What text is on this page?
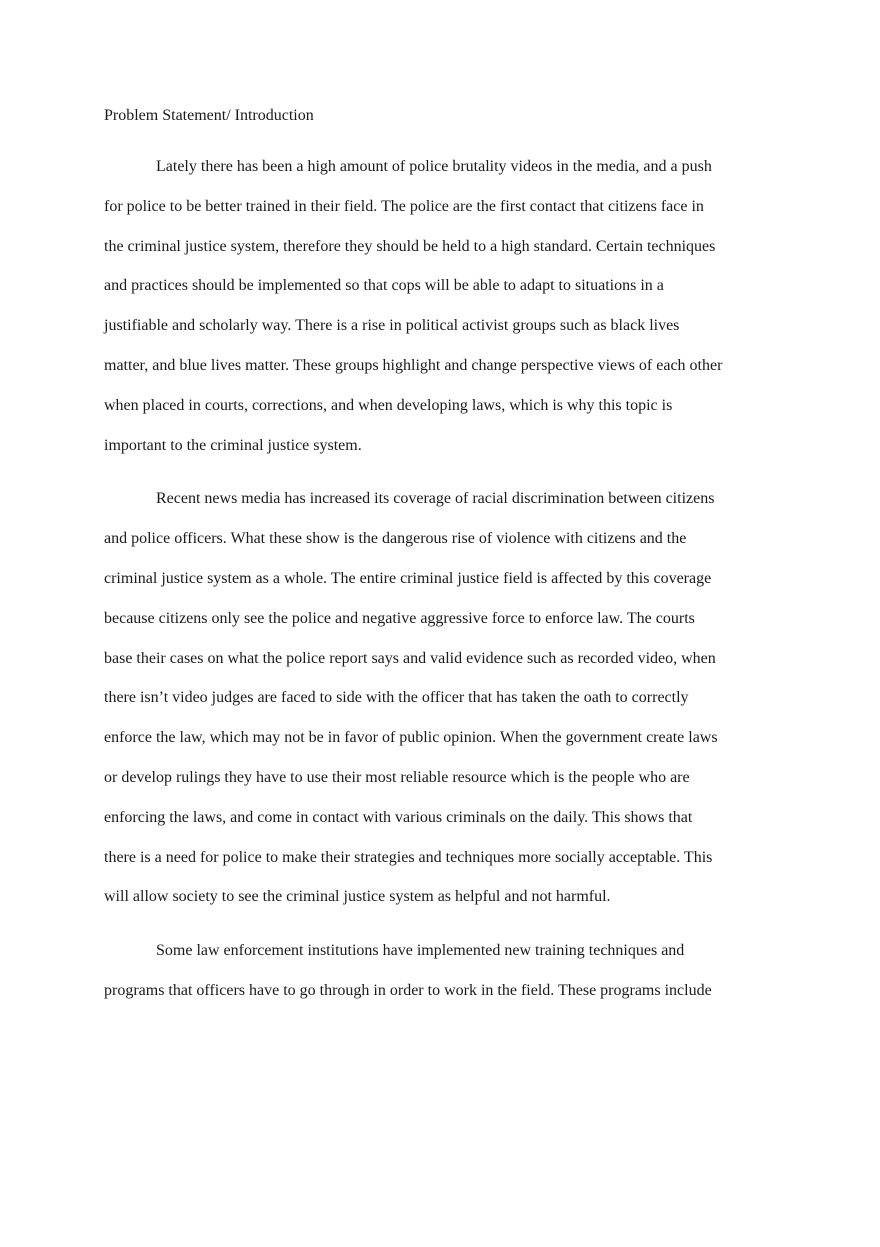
Problem Statement/ Introduction
Lately there has been a high amount of police brutality videos in the media, and a push
for police to be better trained in their field. The police are the first contact that citizens face in
the criminal justice system, therefore they should be held to a high standard. Certain techniques
and practices should be implemented so that cops will be able to adapt to situations in a
justifiable and scholarly way. There is a rise in political activist groups such as black lives
matter, and blue lives matter. These groups highlight and change perspective views of each other
when placed in courts, corrections, and when developing laws, which is why this topic is
important to the criminal justice system.
Recent news media has increased its coverage of racial discrimination between citizens
and police officers. What these show is the dangerous rise of violence with citizens and the
criminal justice system as a whole. The entire criminal justice field is affected by this coverage
because citizens only see the police and negative aggressive force to enforce law. The courts
base their cases on what the police report says and valid evidence such as recorded video, when
there isn’t video judges are faced to side with the officer that has taken the oath to correctly
enforce the law, which may not be in favor of public opinion. When the government create laws
or develop rulings they have to use their most reliable resource which is the people who are
enforcing the laws, and come in contact with various criminals on the daily. This shows that
there is a need for police to make their strategies and techniques more socially acceptable. This
will allow society to see the criminal justice system as helpful and not harmful.
Some law enforcement institutions have implemented new training techniques and
programs that officers have to go through in order to work in the field. These programs include
